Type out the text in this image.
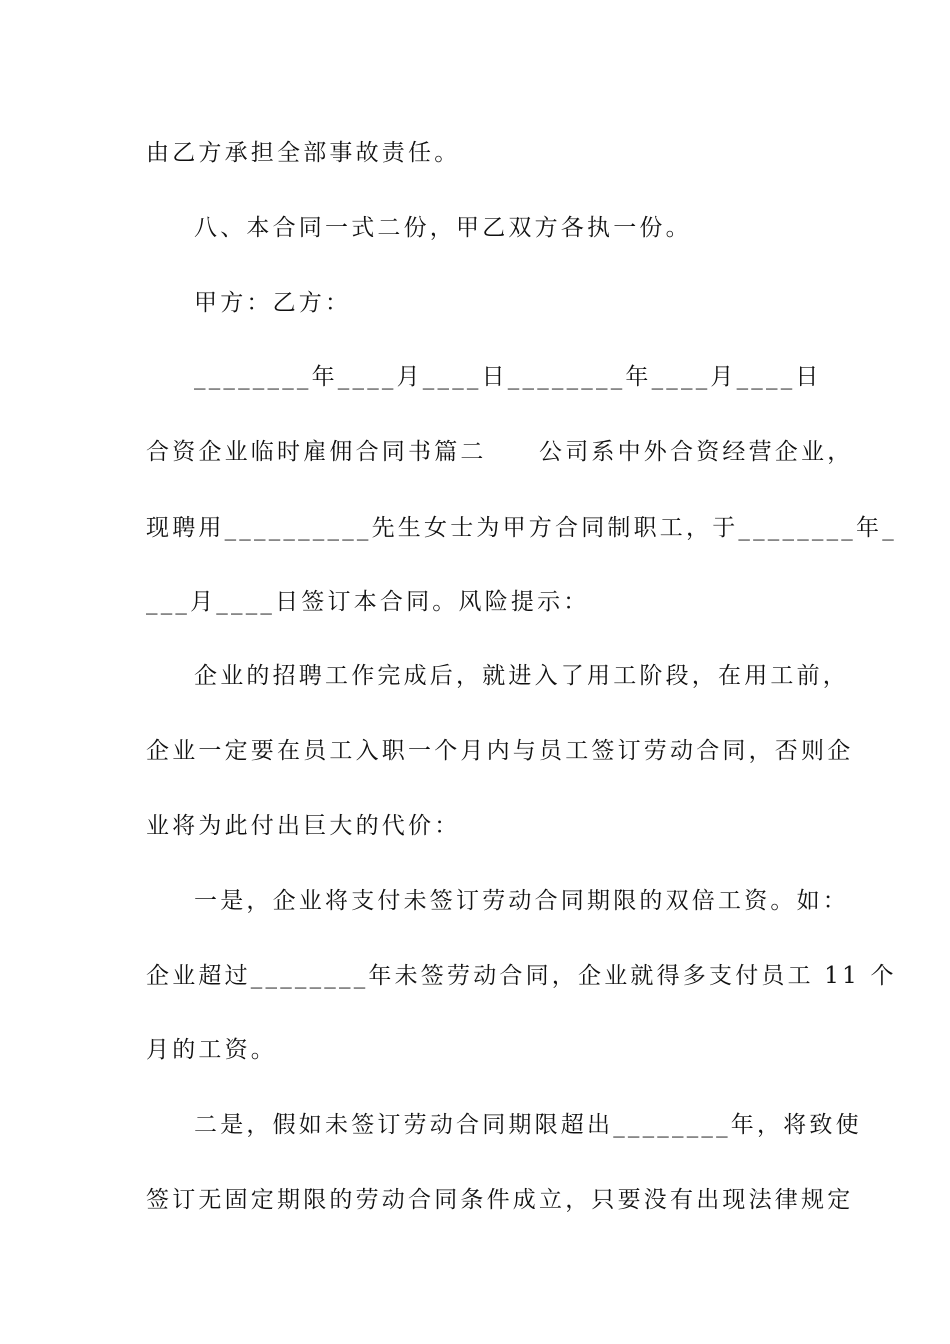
由乙方承担全部事故责任。
八、本合同一式二份，甲乙双方各执一份。
甲方：乙方：
________年____月____日________年____月____日
合资企业临时雇佣合同书篇二　　公司系中外合资经营企业，
现聘用__________先生女士为甲方合同制职工，于________年_
___月____日签订本合同。风险提示：
企业的招聘工作完成后，就进入了用工阶段，在用工前，
企业一定要在员工入职一个月内与员工签订劳动合同，否则企
业将为此付出巨大的代价：
一是，企业将支付未签订劳动合同期限的双倍工资。如：
企业超过________年未签劳动合同，企业就得多支付员工 11 个
月的工资。
二是，假如未签订劳动合同期限超出________年，将致使
签订无固定期限的劳动合同条件成立，只要没有出现法律规定
